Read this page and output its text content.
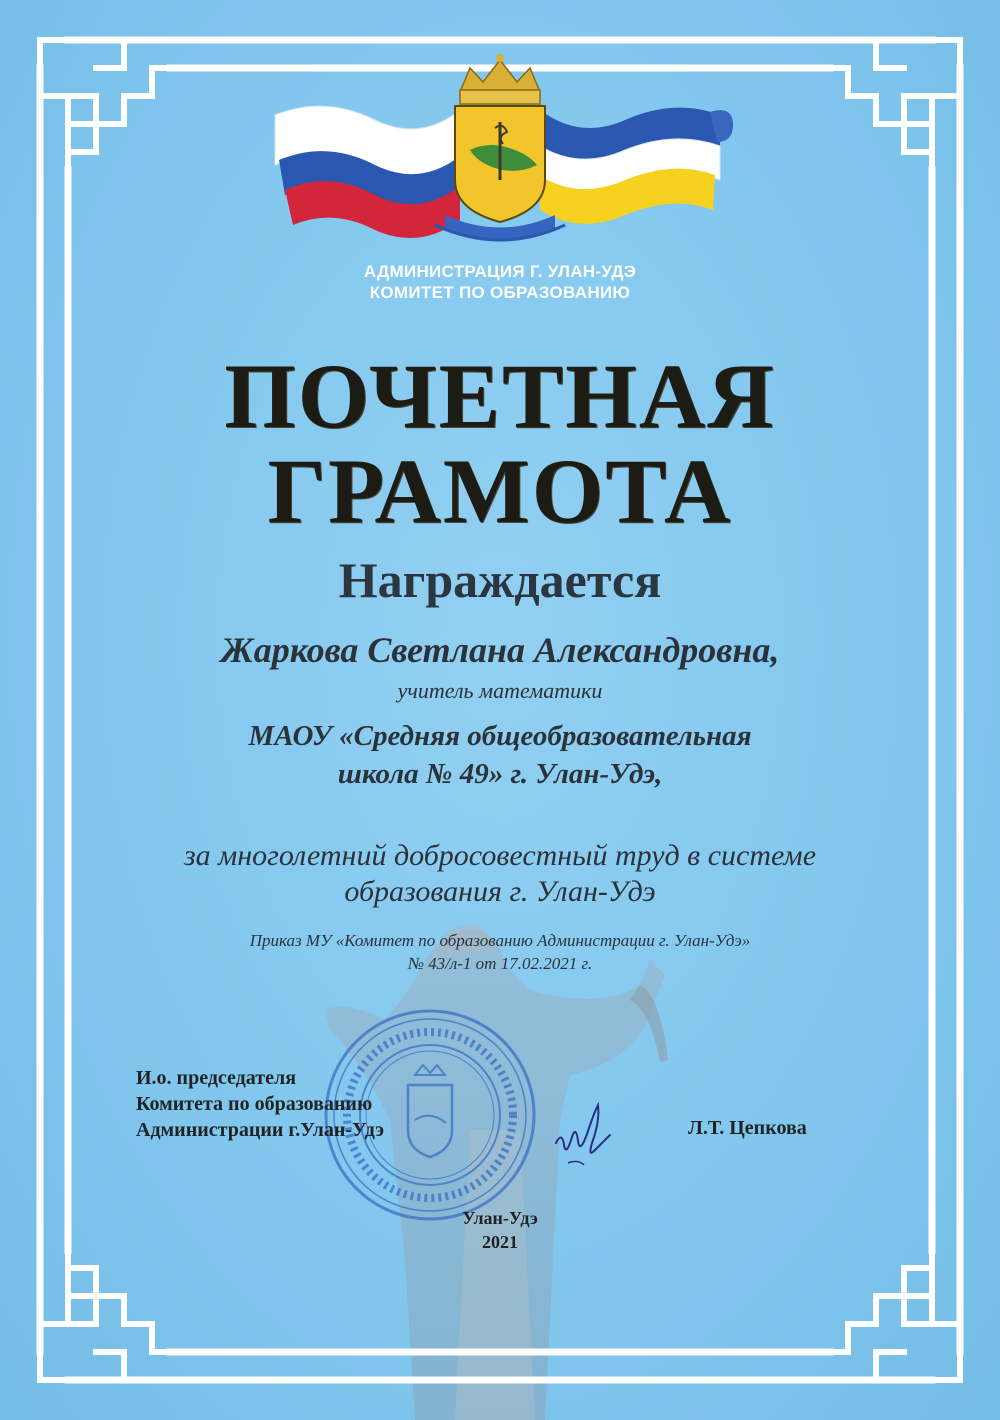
АДМИНИСТРАЦИЯ Г. УЛАН-УДЭ

КОМИТЕТ ПО ОБРАЗОВАНИЮ

ПОЧЕТНАЯ

ГРАМОТА

Награждается

Жаркова Светлана Александровна,

учитель математики

МАОУ «Средняя общеобразовательная

школа № 49» г. Улан-Удэ,

за многолетний добросовестный труд в системе

образования г. Улан-Удэ

Приказ МУ «Комитет по образованию Администрации г. Улан-Удэ»

№ 43/л-1 от 17.02.2021 г.

И.о. председателя

Комитета по образованию

Администрации г.Улан-Удэ	Л.Т. Цепкова

Улан-Удэ

2021
